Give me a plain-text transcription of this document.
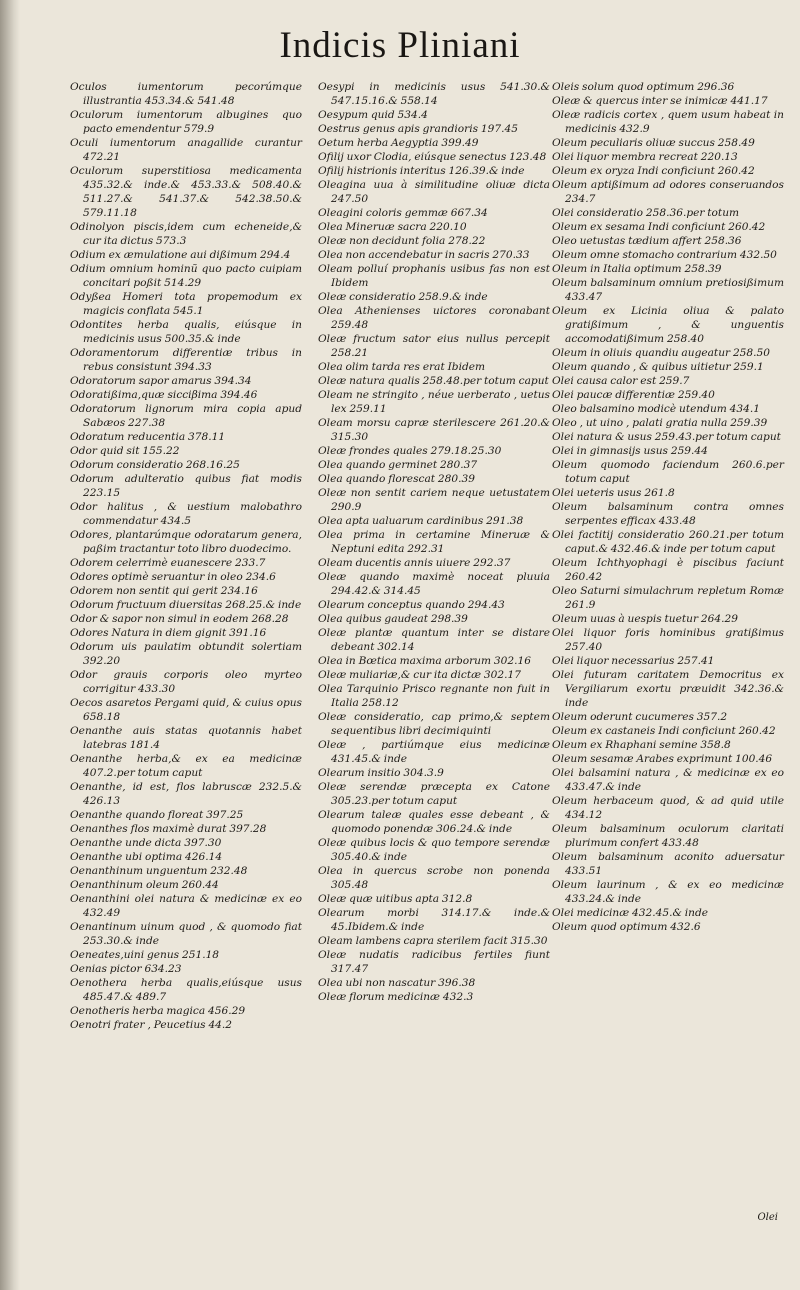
Indicis Pliniani
Oculos iumentorum pecorúmque illustrantia 453.34.& 541.48
Oculorum iumentorum albugines quo pacto emendentur 579.9
Oculi iumentorum anagallide curantur 472.21
Oculorum superstitiosa medicamenta 435.32.& inde.& 453.33.& 508.40.& 511.27.& 541.37.& 542.38.50.& 579.11.18
Odinolyon piscis,idem cum echeneide,& cur ita dictus 573.3
Odium ex æmulatione aui dißimum 294.4
Odium omnium hominũ quo pacto cuipiam concitari poßit 514.29
Odyßea Homeri tota propemodum ex magicis conflata 545.1
Odontites herba qualis, eiúsque in medicinis usus 500.35.& inde
Odoramentorum differentiæ tribus in rebus consistunt 394.33
Odoratorum sapor amarus 394.34
Odoratißima,quæ sicciβima 394.46
Odoratorum lignorum mira copia apud Sabæos 227.38
Odoratum reducentia 378.11
Odor quid sit 155.22
Odorum consideratio 268.16.25
Odorum adulteratio quibus fiat modis 223.15
Odor halitus , & uestium malobathro commendatur 434.5
Odores, plantarúmque odoratarum genera, paßim tractantur toto libro duodecimo.
Odorem celerrimè euanescere 233.7
Odores optimè seruantur in oleo 234.6
Odorem non sentit qui gerit 234.16
Odorum fructuum diuersitas 268.25.& inde
Odor & sapor non simul in eodem 268.28
Odores Natura in diem gignit 391.16
Odorum uis paulatim obtundit solertiam 392.20
Odor grauis corporis oleo myrteo corrigitur 433.30
Oecos asaretos Pergami quid, & cuius opus 658.18
Oenanthe auis statas quotannis habet latebras 181.4
Oenanthe herba,& ex ea medicinæ 407.2.per totum caput
Oenanthe, id est, flos labruscæ 232.5.& 426.13
Oenanthe quando floreat 397.25
Oenanthes flos maximè durat 397.28
Oenanthe unde dicta 397.30
Oenanthe ubi optima 426.14
Oenanthinum unguentum 232.48
Oenanthinum oleum 260.44
Oenanthini olei natura & medicinæ ex eo 432.49
Oenantinum uinum quod , & quomodo fiat 253.30.& inde
Oeneates,uini genus 251.18
Oenias pictor 634.23
Oenothera herba qualis,eiúsque usus 485.47.& 489.7
Oenotheris herba magica 456.29
Oenotri frater , Peucetius 44.2
Oesypi in medicinis usus 541.30.& 547.15.16.& 558.14
Oesypum quid 534.4
Oestrus genus apis grandioris 197.45
Oetum herba Aegyptia 399.49
Ofilij uxor Clodia, eiúsque senectus 123.48
Ofilij histrionis interitus 126.39.& inde
Oleagina uua à similitudine oliuæ dicta 247.50
Oleagini coloris gemmæ 667.34
Olea Mineruæ sacra 220.10
Oleæ non decidunt folia 278.22
Olea non accendebatur in sacris 270.33
Oleam polluí prophanis usibus fas non est Ibidem
Oleæ consideratio 258.9.& inde
Olea Athenienses uictores coronabant 259.48
Oleæ fructum sator eius nullus percepit 258.21
Olea olim tarda res erat Ibidem
Oleæ natura qualis 258.48.per totum caput
Oleam ne stringito , néue uerberato , uetus lex 259.11
Oleam morsu capræ sterilescere 261.20.& 315.30
Oleæ frondes quales 279.18.25.30
Olea quando germinet 280.37
Olea quando florescat 280.39
Oleæ non sentit cariem neque uetustatem 290.9
Olea apta ualuarum cardinibus 291.38
Olea prima in certamine Mineruæ & Neptuni edita 292.31
Oleam ducentis annis uiuere 292.37
Oleæ quando maximè noceat pluuia 294.42.& 314.45
Olearum conceptus quando 294.43
Olea quibus gaudeat 298.39
Oleæ plantæ quantum inter se distare debeant 302.14
Olea in Bœtica maxima arborum 302.16
Oleæ muliariæ,& cur ita dictæ 302.17
Olea Tarquinio Prisco regnante non fuit in Italia 258.12
Oleæ consideratio, cap primo,& septem sequentibus libri decimiquinti
Oleæ , partiúmque eius medicinæ 431.45.& inde
Olearum insitio 304.3.9
Oleæ serendæ præcepta ex Catone 305.23.per totum caput
Olearum taleæ quales esse debeant , & quomodo ponendæ 306.24.& inde
Oleæ quibus locis & quo tempore serendæ 305.40.& inde
Olea in quercus scrobe non ponenda 305.48
Oleæ quæ uitibus apta 312.8
Olearum morbi 314.17.& inde.& 45.Ibidem.& inde
Oleam lambens capra sterilem facit 315.30
Oleæ nudatis radicibus fertiles fiunt 317.47
Olea ubi non nascatur 396.38
Oleæ florum medicinæ 432.3
Oleis solum quod optimum 296.36
Oleæ & quercus inter se inimicæ 441.17
Oleæ radicis cortex , quem usum habeat in medicinis 432.9
Oleum peculiaris oliuæ succus 258.49
Olei liquor membra recreat 220.13
Oleum ex oryza Indi conficiunt 260.42
Oleum aptißimum ad odores conseruandos 234.7
Olei consideratio 258.36.per totum
Oleum ex sesama Indi conficiunt 260.42
Oleo uetustas tædium affert 258.36
Oleum omne stomacho contrarium 432.50
Oleum in Italia optimum 258.39
Oleum balsaminum omnium pretiosißimum 433.47
Oleum ex Licinia oliua & palato gratißimum , & unguentis accomodatißimum 258.40
Oleum in oliuis quandiu augeatur 258.50
Oleum quando , & quibus uitietur 259.1
Olei causa calor est 259.7
Olei paucæ differentiæ 259.40
Oleo balsamino modicè utendum 434.1
Oleo , ut uino , palati gratia nulla 259.39
Olei natura & usus 259.43.per totum caput
Olei in gimnasijs usus 259.44
Oleum quomodo faciendum 260.6.per totum caput
Olei ueteris usus 261.8
Oleum balsaminum contra omnes serpentes efficax 433.48
Olei factitij consideratio 260.21.per totum caput.& 432.46.& inde per totum caput
Oleum Ichthyophagi è piscibus faciunt 260.42
Oleo Saturni simulachrum repletum Romæ 261.9
Oleum uuas à uespis tuetur 264.29
Olei liquor foris hominibus gratißimus 257.40
Olei liquor necessarius 257.41
Olei futuram caritatem Democritus ex Vergiliarum exortu præuidit 342.36.& inde
Oleum oderunt cucumeres 357.2
Oleum ex castaneis Indi conficiunt 260.42
Oleum ex Rhaphani semine 358.8
Oleum sesamæ Arabes exprimunt 100.46
Olei balsamini natura , & medicinæ ex eo 433.47.& inde
Oleum herbaceum quod, & ad quid utile 434.12
Oleum balsaminum oculorum claritati plurimum confert 433.48
Oleum balsaminum aconito aduersatur 433.51
Oleum laurinum , & ex eo medicinæ 433.24.& inde
Olei medicinæ 432.45.& inde
Oleum quod optimum 432.6
Olei
